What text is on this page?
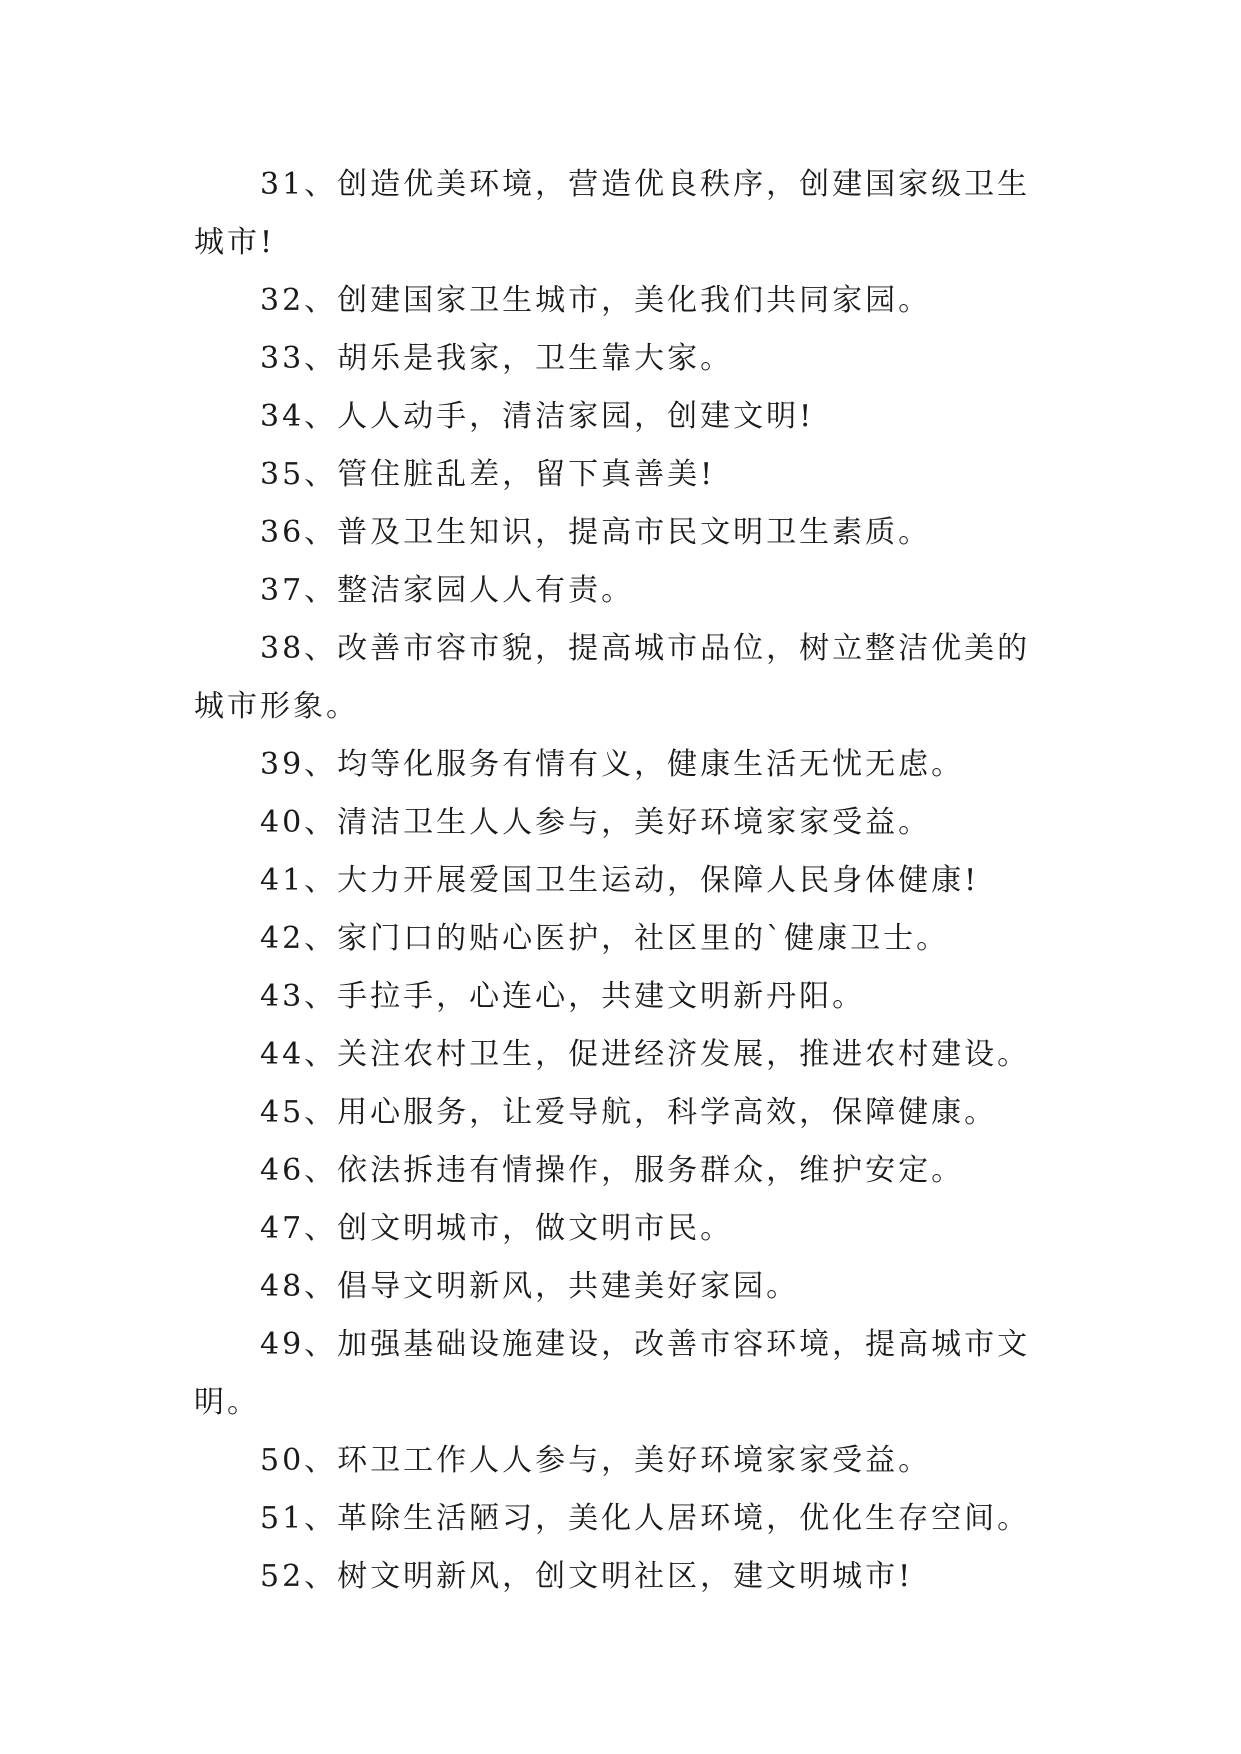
31、创造优美环境，营造优良秩序，创建国家级卫生城市!

32、创建国家卫生城市，美化我们共同家园。

33、胡乐是我家，卫生靠大家。

34、人人动手，清洁家园，创建文明!

35、管住脏乱差，留下真善美!

36、普及卫生知识，提高市民文明卫生素质。

37、整洁家园人人有责。

38、改善市容市貌，提高城市品位，树立整洁优美的城市形象。

39、均等化服务有情有义，健康生活无忧无虑。

40、清洁卫生人人参与，美好环境家家受益。

41、大力开展爱国卫生运动，保障人民身体健康!

42、家门口的贴心医护，社区里的`健康卫士。

43、手拉手，心连心，共建文明新丹阳。

44、关注农村卫生，促进经济发展，推进农村建设。

45、用心服务，让爱导航，科学高效，保障健康。

46、依法拆违有情操作，服务群众，维护安定。

47、创文明城市，做文明市民。

48、倡导文明新风，共建美好家园。

49、加强基础设施建设，改善市容环境，提高城市文明。

50、环卫工作人人参与，美好环境家家受益。

51、革除生活陋习，美化人居环境，优化生存空间。

52、树文明新风，创文明社区，建文明城市!
